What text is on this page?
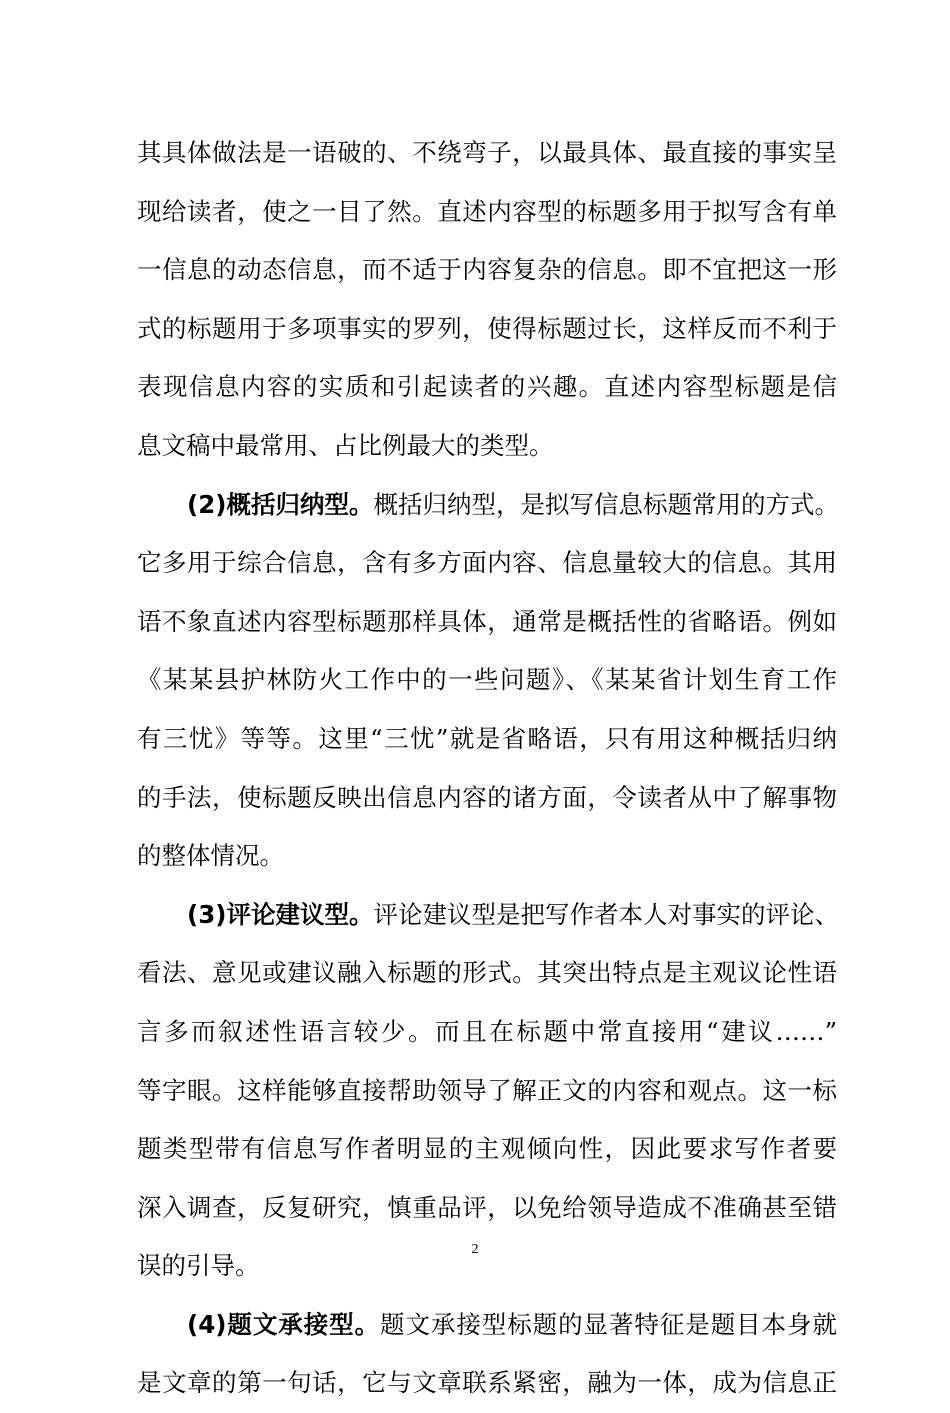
其具体做法是一语破的、不绕弯子，以最具体、最直接的事实呈
现给读者，使之一目了然。直述内容型的标题多用于拟写含有单
一信息的动态信息，而不适于内容复杂的信息。即不宜把这一形
式的标题用于多项事实的罗列，使得标题过长，这样反而不利于
表现信息内容的实质和引起读者的兴趣。直述内容型标题是信
息文稿中最常用、占比例最大的类型。
(2)概括归纳型。概括归纳型，是拟写信息标题常用的方式。
它多用于综合信息，含有多方面内容、信息量较大的信息。其用
语不象直述内容型标题那样具体，通常是概括性的省略语。例如
《某某县护林防火工作中的一些问题》、《某某省计划生育工作
有三忧》等等。这里“三忧”就是省略语，只有用这种概括归纳
的手法，使标题反映出信息内容的诸方面，令读者从中了解事物
的整体情况。
(3)评论建议型。评论建议型是把写作者本人对事实的评论、
看法、意见或建议融入标题的形式。其突出特点是主观议论性语
言多而叙述性语言较少。而且在标题中常直接用“建议……”
等字眼。这样能够直接帮助领导了解正文的内容和观点。这一标
题类型带有信息写作者明显的主观倾向性，因此要求写作者要
深入调查，反复研究，慎重品评，以免给领导造成不准确甚至错
误的引导。
(4)题文承接型。题文承接型标题的显著特征是题目本身就
是文章的第一句话，它与文章联系紧密，融为一体，成为信息正
2
